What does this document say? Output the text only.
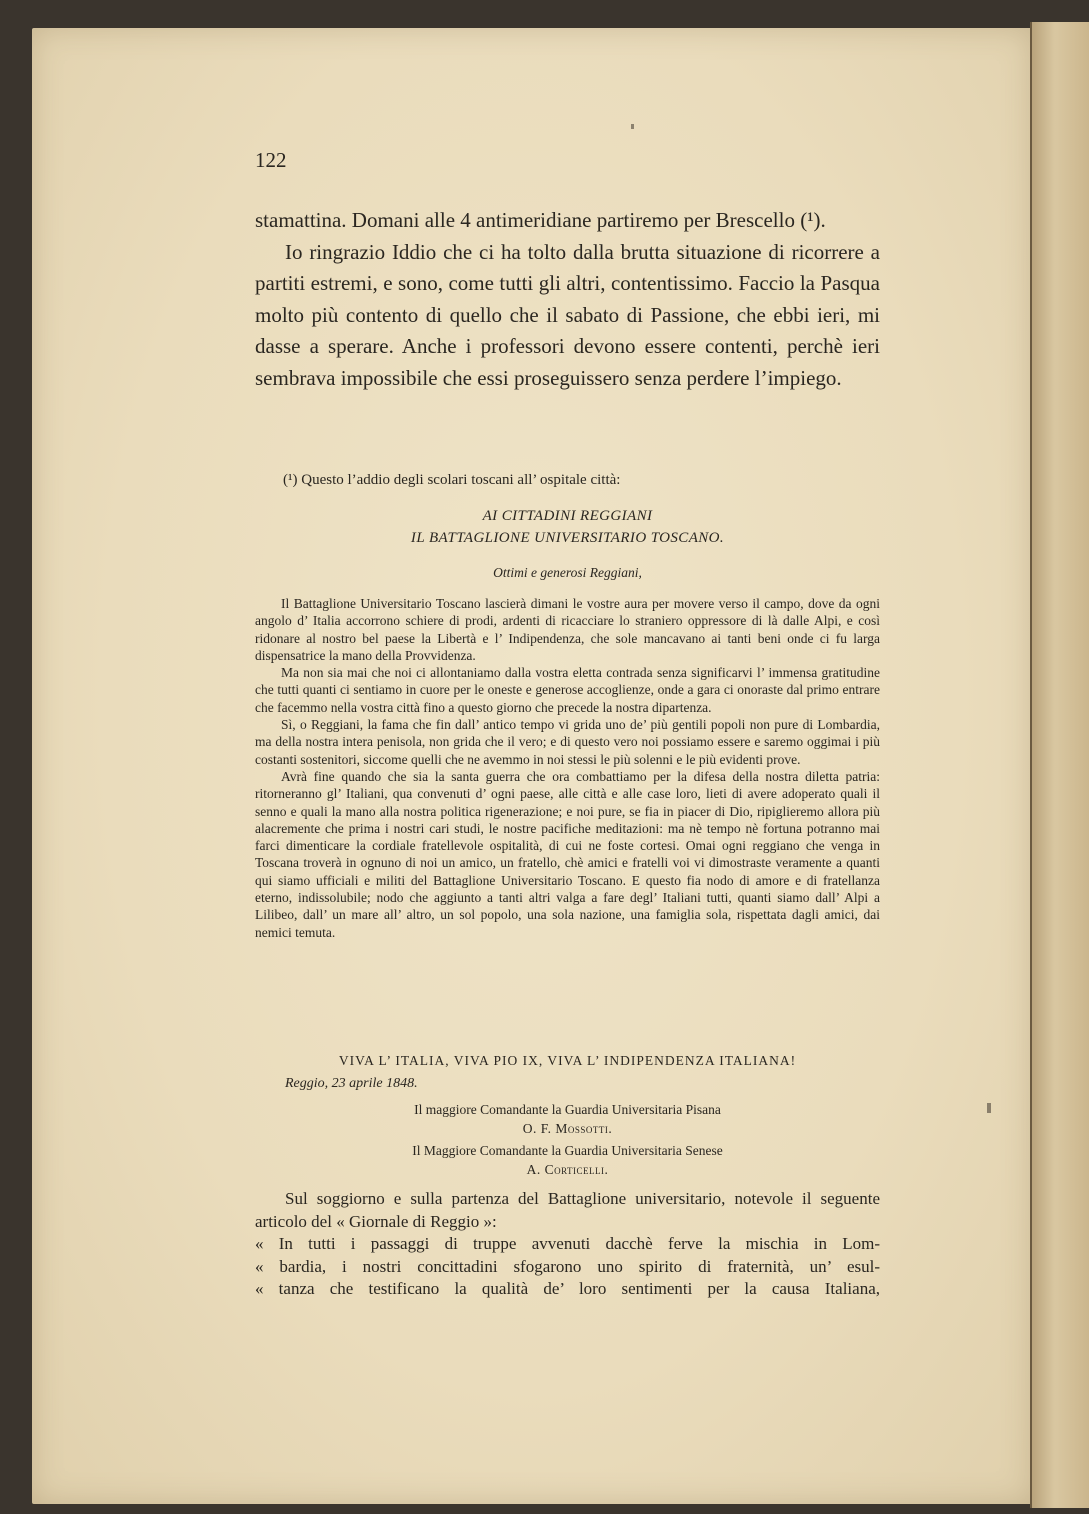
122

stamattina. Domani alle 4 antimeridiane partiremo per Brescello (¹).

Io ringrazio Iddio che ci ha tolto dalla brutta situazione di ricorrere a partiti estremi, e sono, come tutti gli altri, contentissimo. Faccio la Pasqua molto più contento di quello che il sabato di Passione, che ebbi ieri, mi dasse a sperare. Anche i professori devono essere contenti, perchè ieri sembrava impossibile che essi proseguissero senza perdere l’impiego.

(¹) Questo l’addio degli scolari toscani all’ ospitale città:
AI CITTADINI REGGIANI
IL BATTAGLIONE UNIVERSITARIO TOSCANO.
Ottimi e generosi Reggiani,

Il Battaglione Universitario Toscano lascierà dimani le vostre aura per movere verso il campo, dove da ogni angolo d’ Italia accorrono schiere di prodi, ardenti di ricacciare lo straniero oppressore di là dalle Alpi, e così ridonare al nostro bel paese la Libertà e l’ Indipendenza, che sole mancavano ai tanti beni onde ci fu larga dispensatrice la mano della Provvidenza.

Ma non sia mai che noi ci allontaniamo dalla vostra eletta contrada senza significarvi l’ immensa gratitudine che tutti quanti ci sentiamo in cuore per le oneste e generose accoglienze, onde a gara ci onoraste dal primo entrare che facemmo nella vostra città fino a questo giorno che precede la nostra dipartenza.

Sì, o Reggiani, la fama che fin dall’ antico tempo vi grida uno de’ più gentili popoli non pure di Lombardia, ma della nostra intera penisola, non grida che il vero; e di questo vero noi possiamo essere e saremo oggimai i più costanti sostenitori, siccome quelli che ne avemmo in noi stessi le più solenni e le più evidenti prove.

Avrà fine quando che sia la santa guerra che ora combattiamo per la difesa della nostra diletta patria: ritorneranno gl’ Italiani, qua convenuti d’ ogni paese, alle città e alle case loro, lieti di avere adoperato quali il senno e quali la mano alla nostra politica rigenerazione; e noi pure, se fia in piacer di Dio, ripiglieremo allora più alacremente che prima i nostri cari studi, le nostre pacifiche meditazioni: ma nè tempo nè fortuna potranno mai farci dimenticare la cordiale fratellevole ospitalità, di cui ne foste cortesi. Omai ogni reggiano che venga in Toscana troverà in ognuno di noi un amico, un fratello, chè amici e fratelli voi vi dimostraste veramente a quanti qui siamo ufficiali e militi del Battaglione Universitario Toscano. E questo fia nodo di amore e di fratellanza eterno, indissolubile; nodo che aggiunto a tanti altri valga a fare degl’ Italiani tutti, quanti siamo dall’ Alpi a Lilibeo, dall’ un mare all’ altro, un sol popolo, una sola nazione, una famiglia sola, rispettata dagli amici, dai nemici temuta.

VIVA L’ ITALIA, VIVA PIO IX, VIVA L’ INDIPENDENZA ITALIANA!
Reggio, 23 aprile 1848.
Il maggiore Comandante la Guardia Universitaria Pisana
O. F. Mossotti.
Il Maggiore Comandante la Guardia Universitaria Senese
A. Corticelli.

Sul soggiorno e sulla partenza del Battaglione universitario, notevole il seguente articolo del « Giornale di Reggio »:

« In tutti i passaggi di truppe avvenuti dacchè ferve la mischia in Lom-
« bardia, i nostri concittadini sfogarono uno spirito di fraternità, un’ esul-
« tanza che testificano la qualità de’ loro sentimenti per la causa Italiana,
